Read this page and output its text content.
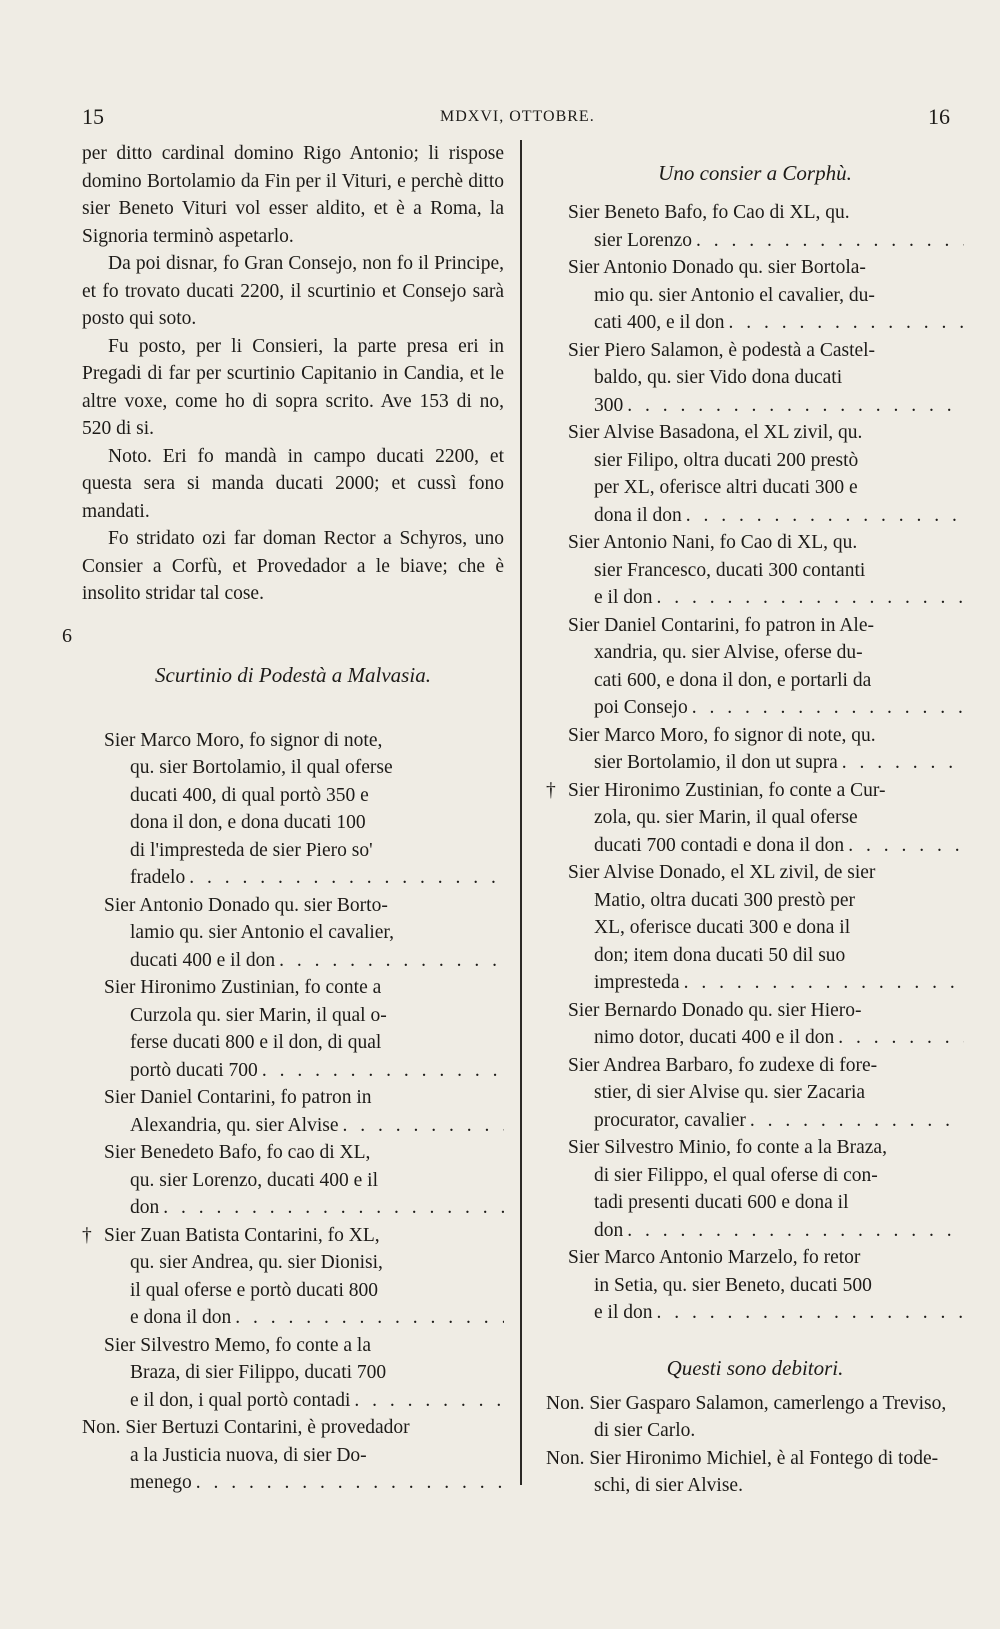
15	MDXVI, OTTOBRE.	16

per ditto cardinal domino Rigo Antonio; li rispose domino Bortolamio da Fin per il Vituri, e perchè ditto sier Beneto Vituri vol esser aldito, et è a Roma, la Signoria terminò aspetarlo.

Da poi disnar, fo Gran Consejo, non fo il Principe, et fo trovato ducati 2200, il scurtinio et Consejo sarà posto qui soto.

Fu posto, per li Consieri, la parte presa eri in Pregadi di far per scurtinio Capitanio in Candia, et le altre voxe, come ho di sopra scrito. Ave 153 di no, 520 di si.

Noto. Eri fo mandà in campo ducati 2200, et questa sera si manda ducati 2000; et cussì fono mandati.

Fo stridato ozi far doman Rector a Schyros, uno Consier a Corfù, et Provedador a le biave; che è insolito stridar tal cose.

Scurtinio di Podestà a Malvasia.

Sier Marco Moro, fo signor di note,
qu. sier Bortolamio, il qual oferse
ducati 400, di qual portò 350 e
dona il don, e dona ducati 100
di l'impresteda de sier Piero so'
fradelo. . .
Sier Antonio Donado qu. sier Borto-
lamio qu. sier Antonio el cavalier,
ducati 400 e il don. . .
Sier Hironimo Zustinian, fo conte a
Curzola qu. sier Marin, il qual o-
ferse ducati 800 e il don, di qual
portò ducati 700. . .
Sier Daniel Contarini, fo patron in
Alexandria, qu. sier Alvise. . .
Sier Benedeto Bafo, fo cao di XL,
qu. sier Lorenzo, ducati 400 e il
don. . .
† Sier Zuan Batista Contarini, fo XL,
qu. sier Andrea, qu. sier Dionisi,
il qual oferse e portò ducati 800
e dona il don. . .
Sier Silvestro Memo, fo conte a la
Braza, di sier Filippo, ducati 700
e il don, i qual portò contadi. . .
Non. Sier Bertuzi Contarini, è provedador
a la Justicia nuova, di sier Do-
menego. . .
6

Uno consier a Corphù.

Sier Beneto Bafo, fo Cao di XL, qu.
sier Lorenzo. . .
Sier Antonio Donado qu. sier Bortola-
mio qu. sier Antonio el cavalier, du-
cati 400, e il don. . .
Sier Piero Salamon, è podestà a Castel-
baldo, qu. sier Vido dona ducati
300. . .
Sier Alvise Basadona, el XL zivil, qu.
sier Filipo, oltra ducati 200 prestò
per XL, oferisce altri ducati 300 e
dona il don. . .
Sier Antonio Nani, fo Cao di XL, qu.
sier Francesco, ducati 300 contanti
e il don. . .
Sier Daniel Contarini, fo patron in Ale-
xandria, qu. sier Alvise, oferse du-
cati 600, e dona il don, e portarli da
poi Consejo. . .
Sier Marco Moro, fo signor di note, qu.
sier Bortolamio, il don ut supra. . .
† Sier Hironimo Zustinian, fo conte a Cur-
zola, qu. sier Marin, il qual oferse
ducati 700 contadi e dona il don. . .
Sier Alvise Donado, el XL zivil, de sier
Matio, oltra ducati 300 prestò per
XL, oferisce ducati 300 e dona il
don; item dona ducati 50 dil suo
impresteda. . .
Sier Bernardo Donado qu. sier Hiero-
nimo dotor, ducati 400 e il don. . .
Sier Andrea Barbaro, fo zudexe di fore-
stier, di sier Alvise qu. sier Zacaria
procurator, cavalier. . .
Sier Silvestro Minio, fo conte a la Braza,
di sier Filippo, el qual oferse di con-
tadi presenti ducati 600 e dona il
don. . .
Sier Marco Antonio Marzelo, fo retor
in Setia, qu. sier Beneto, ducati 500
e il don. . .

Questi sono debitori.

Non. Sier Gasparo Salamon, camerlengo a Treviso,
di sier Carlo.
Non. Sier Hironimo Michiel, è al Fontego di tode-
schi, di sier Alvise.
